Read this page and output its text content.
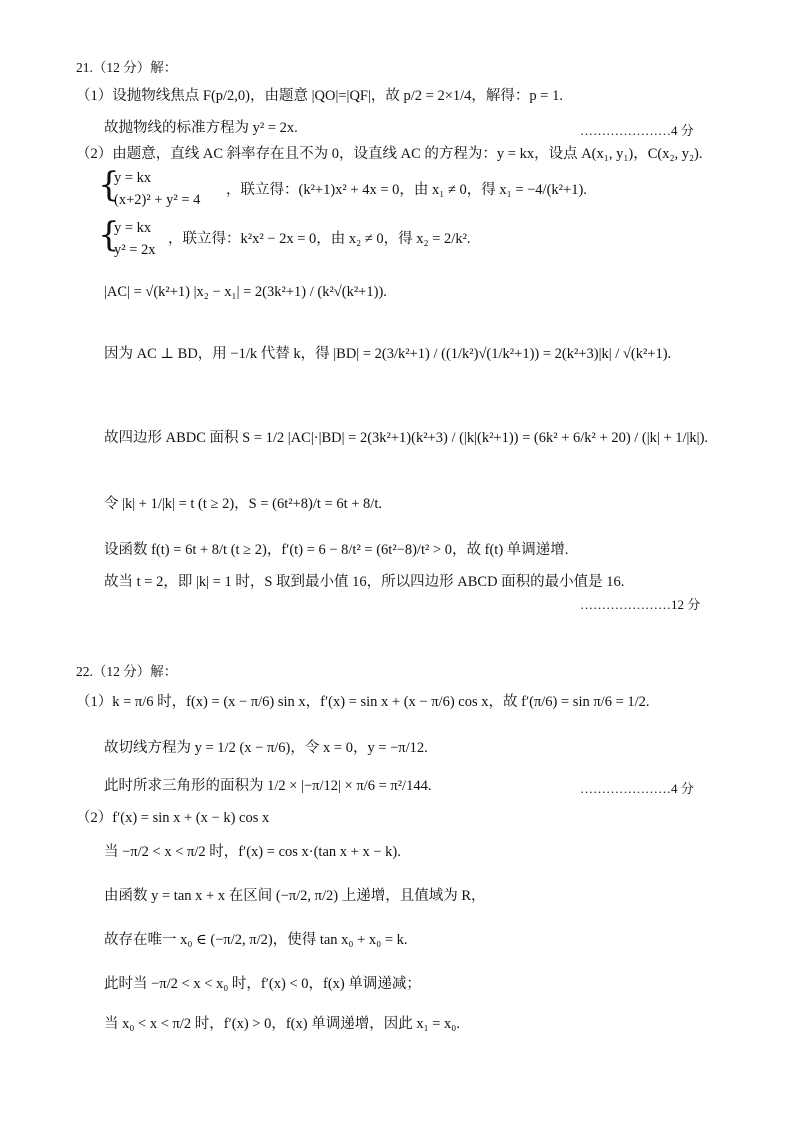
21.（12 分）解：
（1）设抛物线焦点 F(p/2,0)，由题意 |QO|=|QF|，故 p/2 = 2×1/4，解得：p = 1.
故抛物线的标准方程为 y² = 2x.	…………………4 分
（2）由题意，直线 AC 斜率存在且不为 0，设直线 AC 的方程为：y = kx，设点 A(x₁, y₁)，C(x₂, y₂).
{
y = kx
(x+2)² + y² = 4
，联立得：(k²+1)x² + 4x = 0，由 x₁ ≠ 0，得 x₁ = −4/(k²+1).
{
y = kx
y² = 2x
，联立得：k²x² − 2x = 0，由 x₂ ≠ 0，得 x₂ = 2/k².
|AC| = √(k²+1) |x₂ − x₁| = 2(3k²+1) / (k²√(k²+1)).
因为 AC ⊥ BD，用 −1/k 代替 k，得 |BD| = 2(3/k²+1) / ((1/k²)√(1/k²+1)) = 2(k²+3)|k| / √(k²+1).
故四边形 ABDC 面积 S = 1/2 |AC|·|BD| = 2(3k²+1)(k²+3) / (|k|(k²+1)) = (6k² + 6/k² + 20) / (|k| + 1/|k|).
令 |k| + 1/|k| = t (t ≥ 2)，S = (6t²+8)/t = 6t + 8/t.
设函数 f(t) = 6t + 8/t (t ≥ 2)，f′(t) = 6 − 8/t² = (6t²−8)/t² > 0，故 f(t) 单调递增.
故当 t = 2，即 |k| = 1 时，S 取到最小值 16，所以四边形 ABCD 面积的最小值是 16.
…………………12 分
22.（12 分）解：
（1）k = π/6 时，f(x) = (x − π/6) sin x，f′(x) = sin x + (x − π/6) cos x，故 f′(π/6) = sin π/6 = 1/2.
故切线方程为 y = 1/2 (x − π/6)，令 x = 0，y = −π/12.
此时所求三角形的面积为 1/2 × |−π/12| × π/6 = π²/144.	…………………4 分
（2）f′(x) = sin x + (x − k) cos x
当 −π/2 < x < π/2 时，f′(x) = cos x·(tan x + x − k).
由函数 y = tan x + x 在区间 (−π/2, π/2) 上递增，且值域为 R，
故存在唯一 x₀ ∈ (−π/2, π/2)，使得 tan x₀ + x₀ = k.
此时当 −π/2 < x < x₀ 时，f′(x) < 0，f(x) 单调递减；
当 x₀ < x < π/2 时，f′(x) > 0，f(x) 单调递增，因此 x₁ = x₀.
